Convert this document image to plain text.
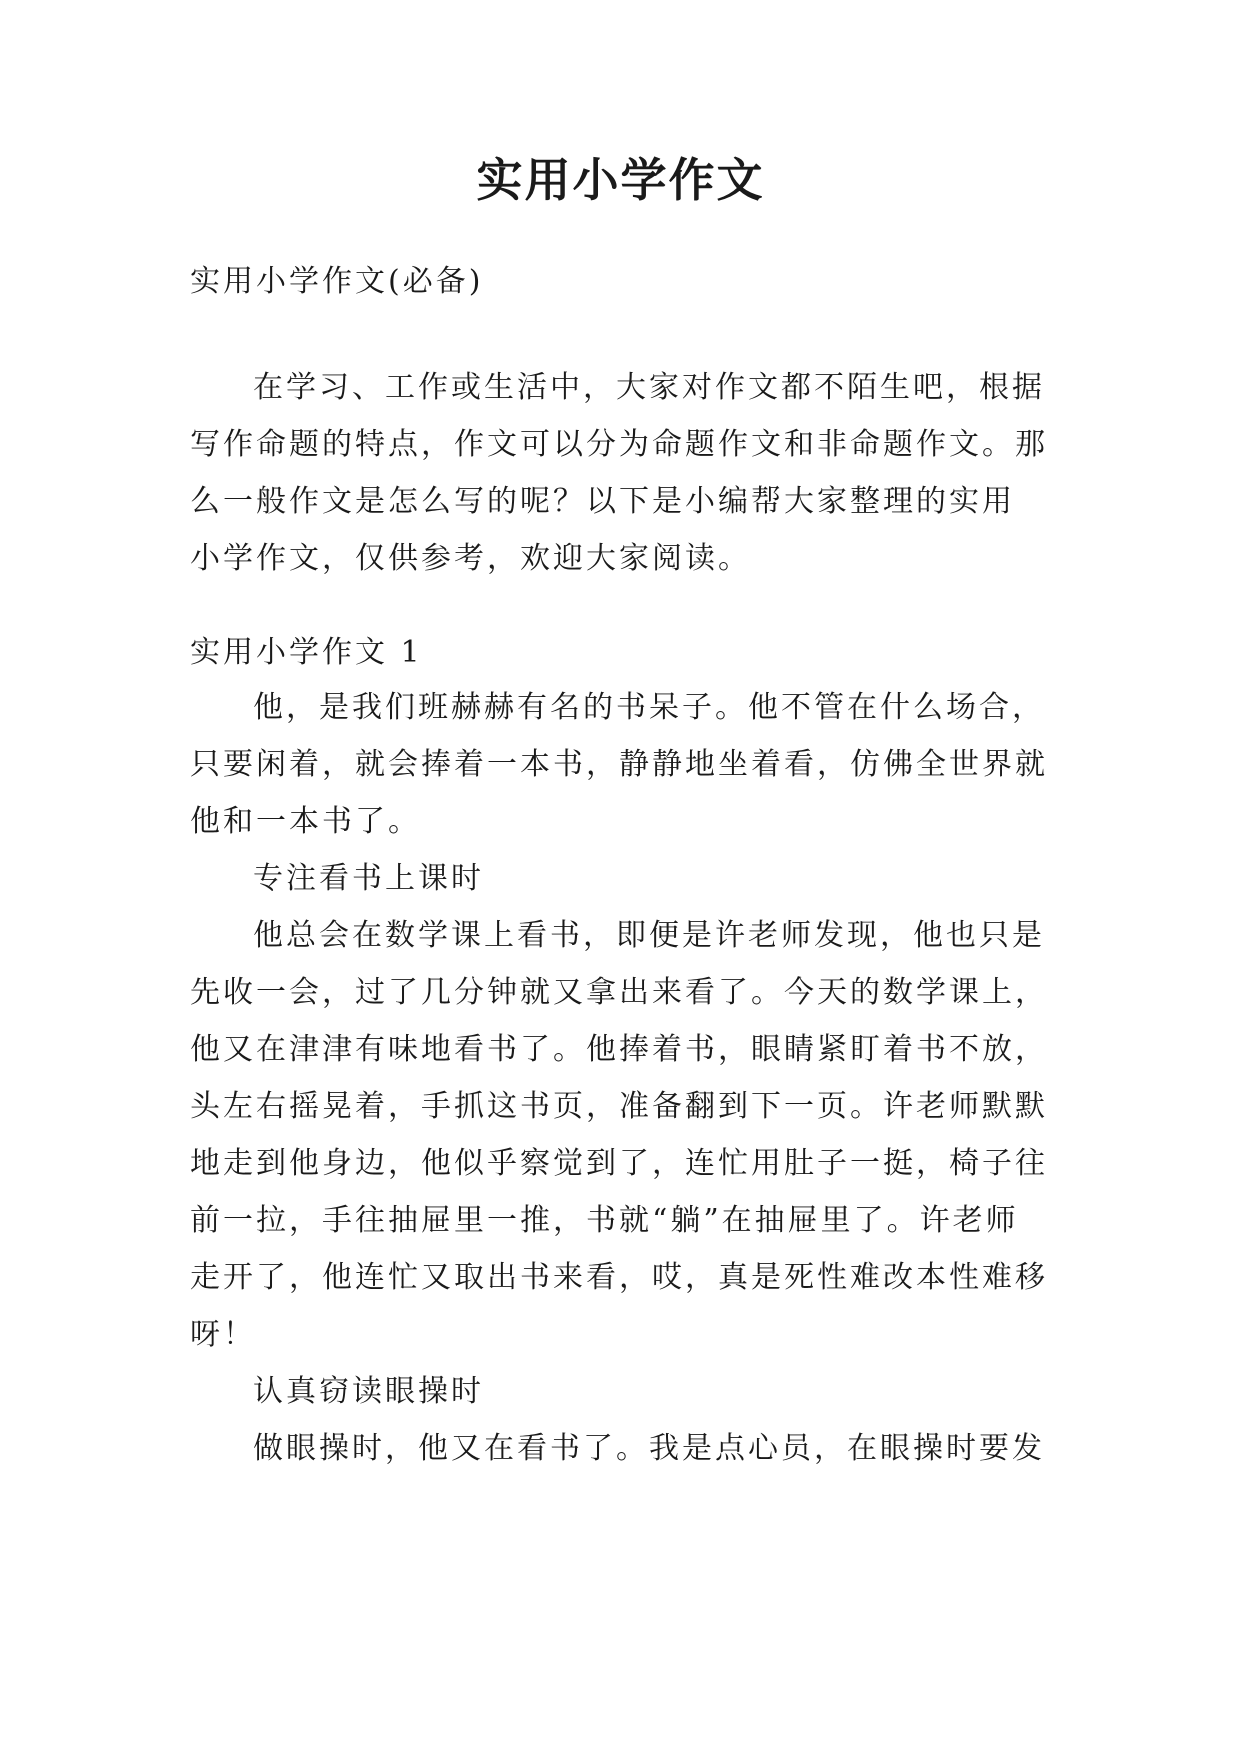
实用小学作文
实用小学作文(必备)
在学习、工作或生活中，大家对作文都不陌生吧，根据
写作命题的特点，作文可以分为命题作文和非命题作文。那
么一般作文是怎么写的呢？以下是小编帮大家整理的实用
小学作文，仅供参考，欢迎大家阅读。
实用小学作文 1
他，是我们班赫赫有名的书呆子。他不管在什么场合，
只要闲着，就会捧着一本书，静静地坐着看，仿佛全世界就
他和一本书了。
专注看书上课时
他总会在数学课上看书，即便是许老师发现，他也只是
先收一会，过了几分钟就又拿出来看了。今天的数学课上，
他又在津津有味地看书了。他捧着书，眼睛紧盯着书不放，
头左右摇晃着，手抓这书页，准备翻到下一页。许老师默默
地走到他身边，他似乎察觉到了，连忙用肚子一挺，椅子往
前一拉，手往抽屉里一推，书就“躺”在抽屉里了。许老师
走开了，他连忙又取出书来看，哎，真是死性难改本性难移
呀！
认真窃读眼操时
做眼操时，他又在看书了。我是点心员，在眼操时要发
